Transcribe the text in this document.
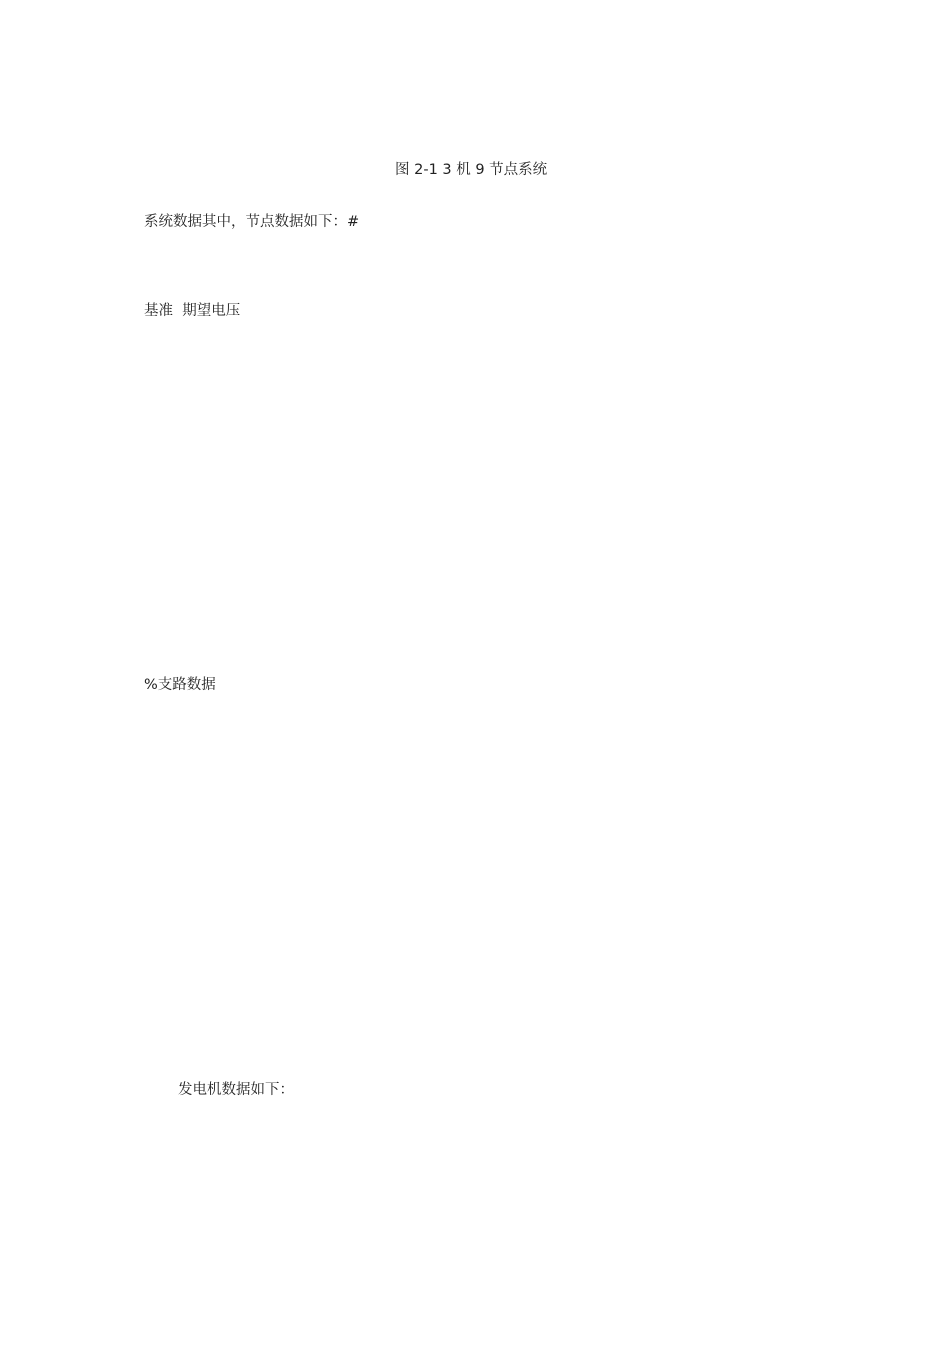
图 2-1 3 机 9 节点系统
系统数据其中，节点数据如下：#
基准  期望电压
%支路数据
发电机数据如下：
